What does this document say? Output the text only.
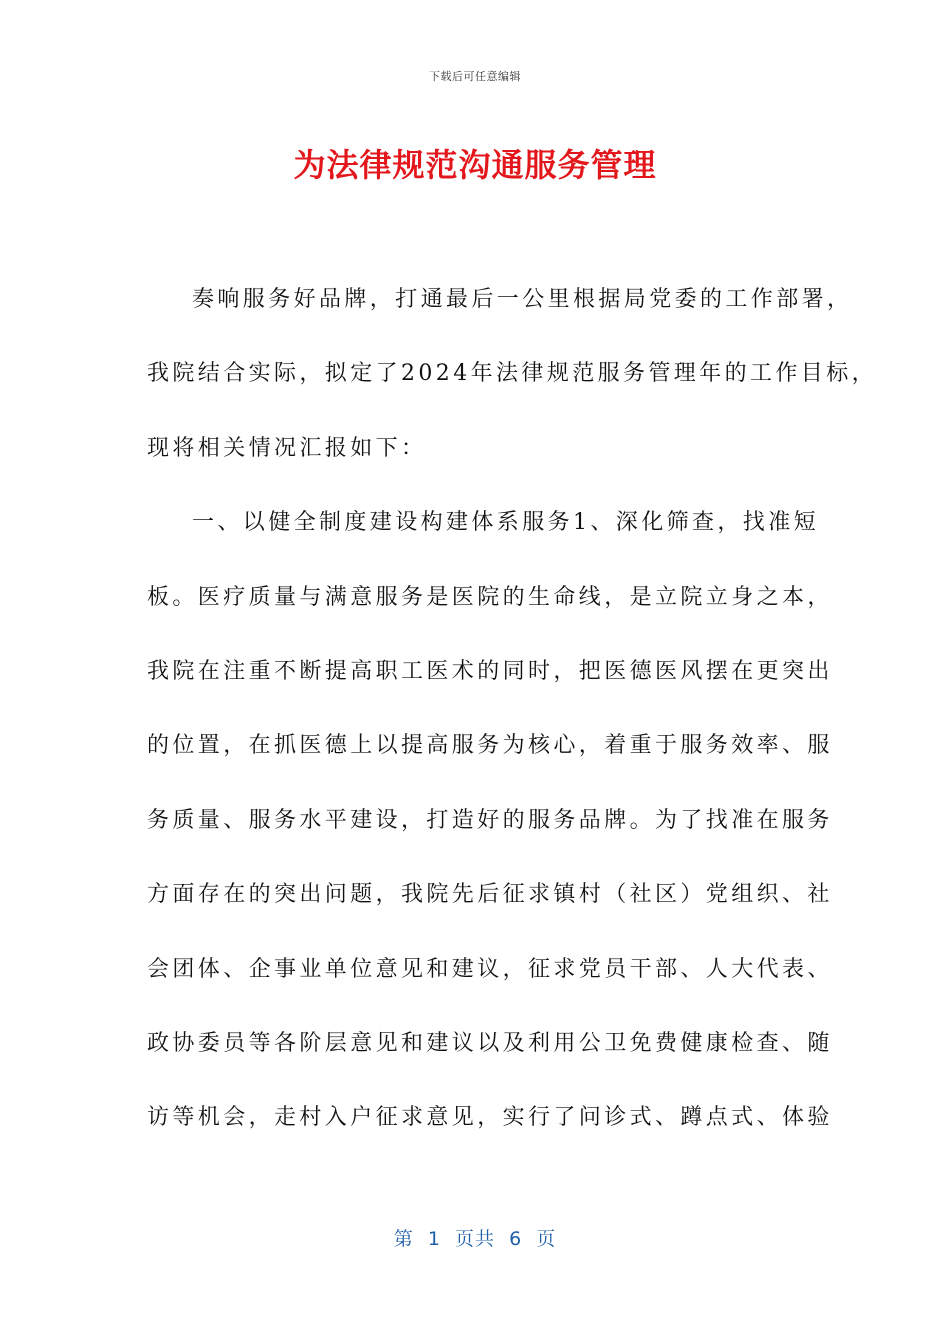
下载后可任意编辑
为法律规范沟通服务管理
奏响服务好品牌，打通最后一公里根据局党委的工作部署，
我院结合实际，拟定了2024年法律规范服务管理年的工作目标，
现将相关情况汇报如下：
一、以健全制度建设构建体系服务1、深化筛查，找准短
板。医疗质量与满意服务是医院的生命线，是立院立身之本，
我院在注重不断提高职工医术的同时，把医德医风摆在更突出
的位置，在抓医德上以提高服务为核心，着重于服务效率、服
务质量、服务水平建设，打造好的服务品牌。为了找准在服务
方面存在的突出问题，我院先后征求镇村（社区）党组织、社
会团体、企事业单位意见和建议，征求党员干部、人大代表、
政协委员等各阶层意见和建议以及利用公卫免费健康检查、随
访等机会，走村入户征求意见，实行了问诊式、蹲点式、体验
第  1  页共  6  页
